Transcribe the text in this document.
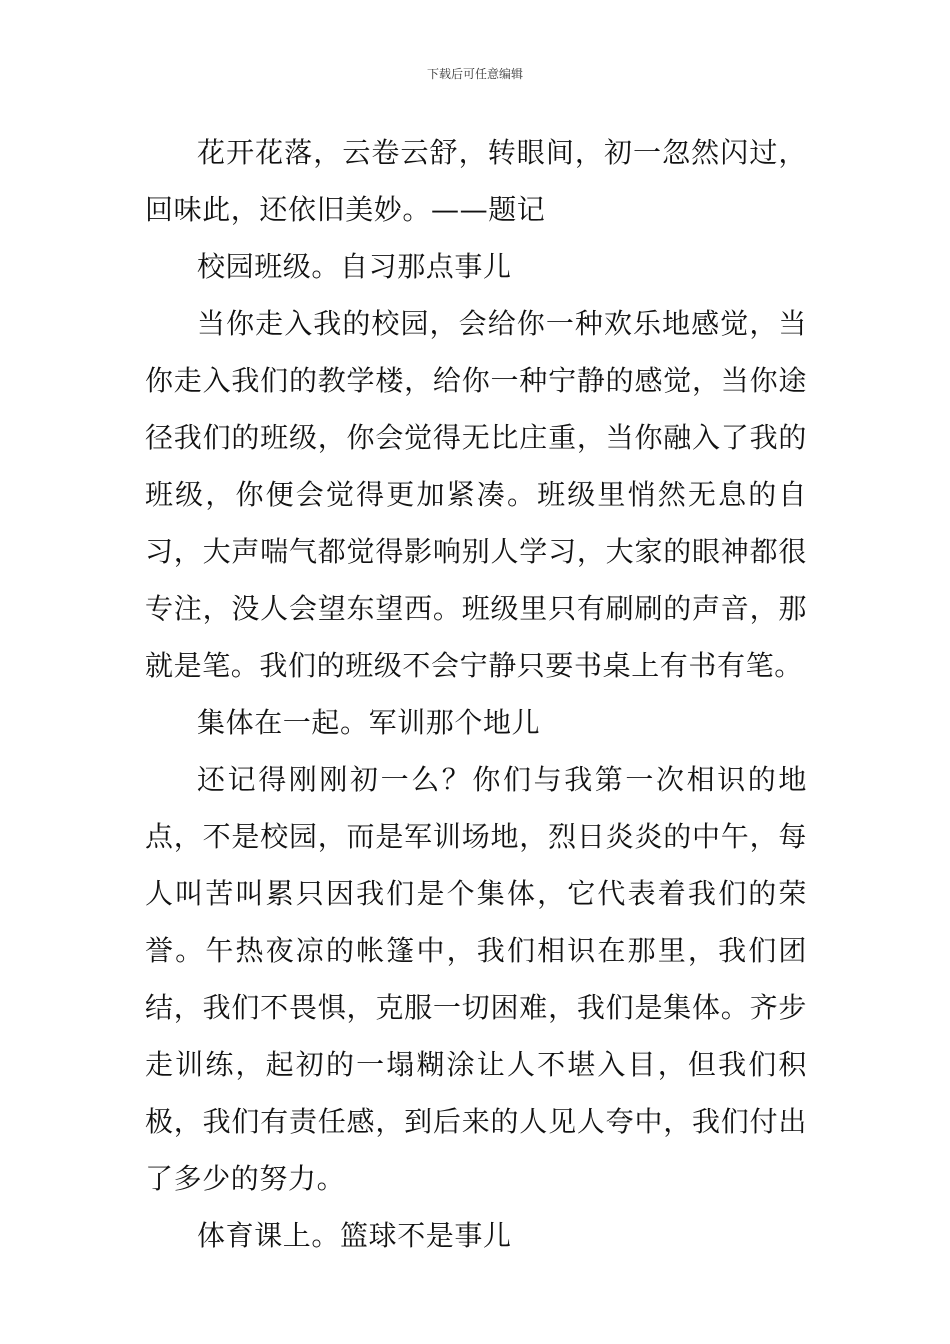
下载后可任意编辑

花开花落，云卷云舒，转眼间，初一忽然闪过，回味此，还依旧美妙。——题记

校园班级。自习那点事儿

当你走入我的校园，会给你一种欢乐地感觉，当你走入我们的教学楼，给你一种宁静的感觉，当你途径我们的班级，你会觉得无比庄重，当你融入了我的班级，你便会觉得更加紧凑。班级里悄然无息的自习，大声喘气都觉得影响别人学习，大家的眼神都很专注，没人会望东望西。班级里只有刷刷的声音，那就是笔。我们的班级不会宁静只要书桌上有书有笔。

集体在一起。军训那个地儿

还记得刚刚初一么？你们与我第一次相识的地点，不是校园，而是军训场地，烈日炎炎的中午，每人叫苦叫累只因我们是个集体，它代表着我们的荣誉。午热夜凉的帐篷中，我们相识在那里，我们团结，我们不畏惧，克服一切困难，我们是集体。齐步走训练，起初的一塌糊涂让人不堪入目，但我们积极，我们有责任感，到后来的人见人夸中，我们付出了多少的努力。

体育课上。篮球不是事儿
